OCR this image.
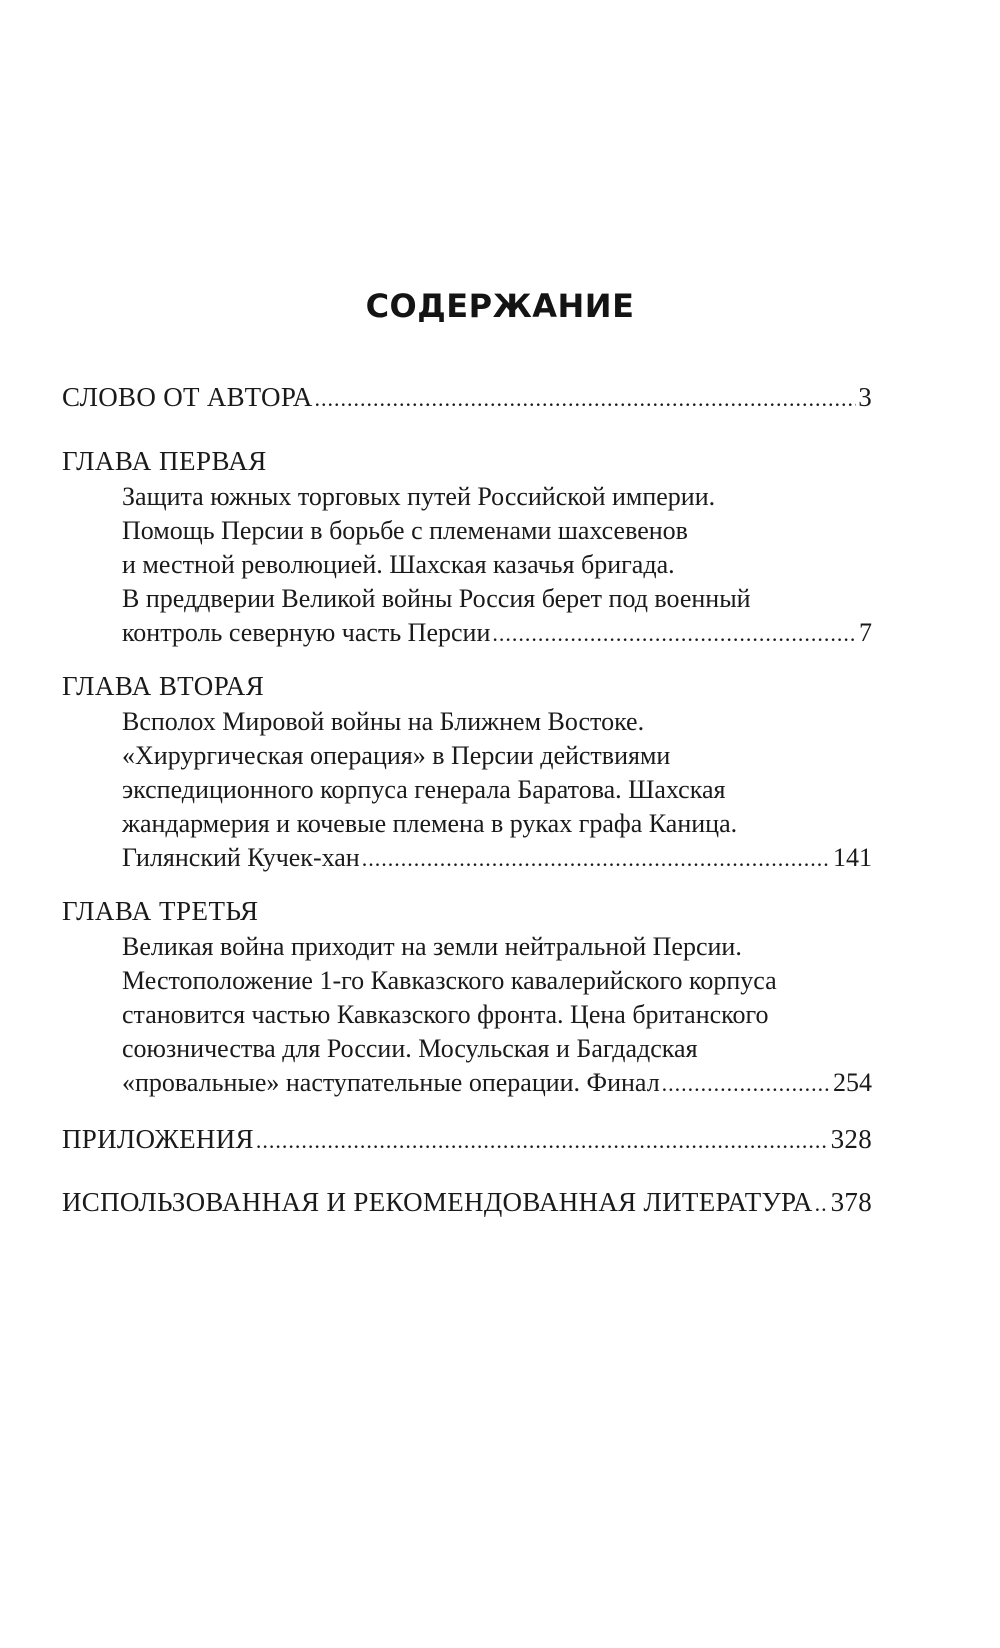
СОДЕРЖАНИЕ
СЛОВО ОТ АВТОРА .....	3
ГЛАВА ПЕРВАЯ
Защита южных торговых путей Российской империи.
Помощь Персии в борьбе с племенами шахсевенов
и местной революцией. Шахская казачья бригада.
В преддверии Великой войны Россия берет под военный
контроль северную часть Персии .....	7
ГЛАВА ВТОРАЯ
Всполох Мировой войны на Ближнем Востоке.
«Хирургическая операция» в Персии действиями
экспедиционного корпуса генерала Баратова. Шахская
жандармерия и кочевые племена в руках графа Каница.
Гилянский Кучек-хан .....	141
ГЛАВА ТРЕТЬЯ
Великая война приходит на земли нейтральной Персии.
Местоположение 1-го Кавказского кавалерийского корпуса
становится частью Кавказского фронта. Цена британского
союзничества для России. Мосульская и Багдадская
«провальные» наступательные операции. Финал .....	254
ПРИЛОЖЕНИЯ .....	328
ИСПОЛЬЗОВАННАЯ И РЕКОМЕНДОВАННАЯ ЛИТЕРАТУРА ..... 378
